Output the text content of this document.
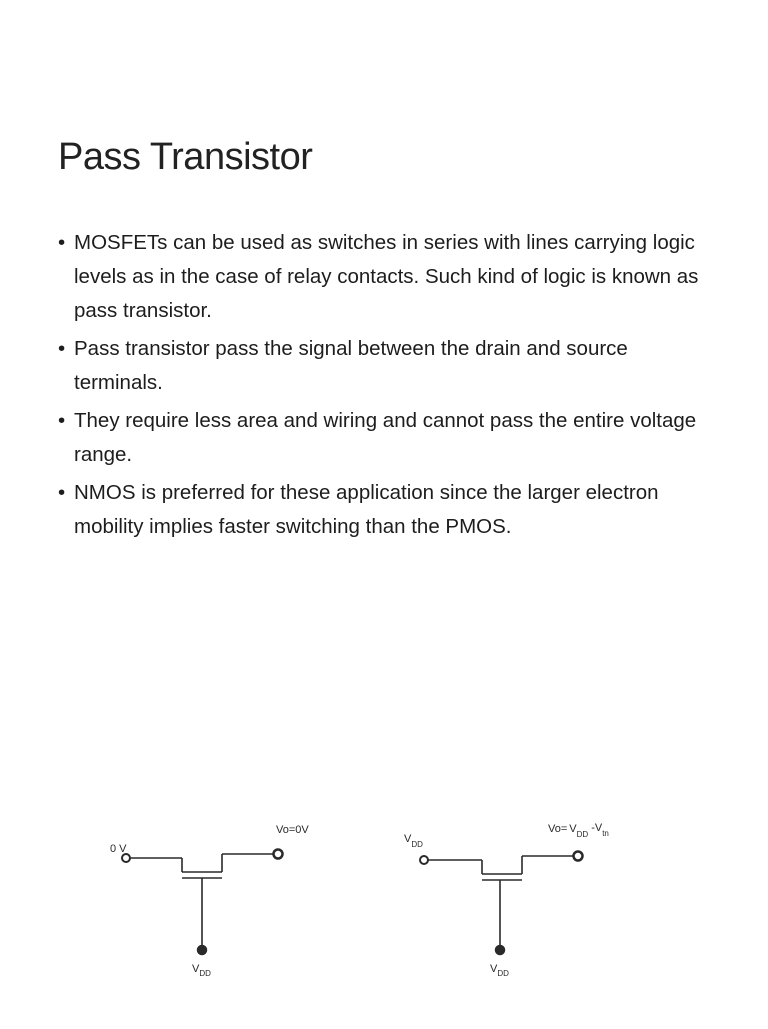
Pass Transistor
• MOSFETs can be used as switches in series with lines carrying logic levels as in the case of relay contacts. Such kind of logic is known as pass transistor.
• Pass transistor pass the signal between the drain and source terminals.
• They require less area and wiring and cannot pass the entire voltage range.
• NMOS is preferred for these application since the larger electron mobility implies faster switching than the PMOS.
0 V
Vo=0V
$V_{DD}$
$V_{DD}$
$Vo= V_{DD}-V_{tn}$
$V_{DD}$
